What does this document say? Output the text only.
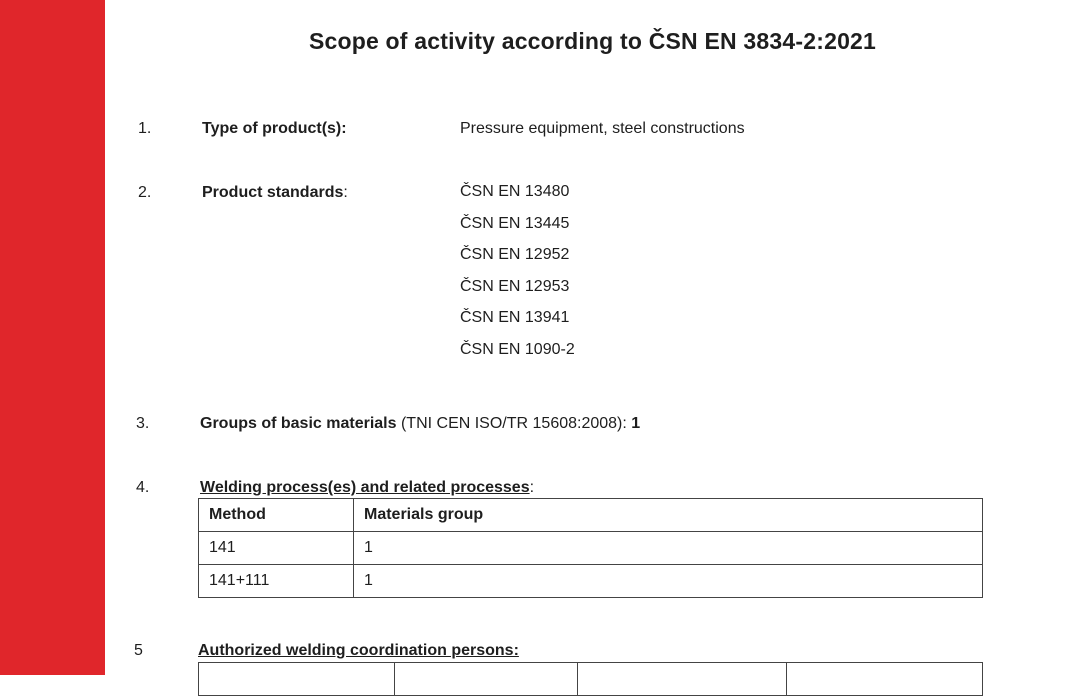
Scope of activity according to ČSN EN 3834-2:2021
1.	Type of product(s):	Pressure equipment, steel constructions
2.	Product standards:	ČSN EN 13480
ČSN EN 13445
ČSN EN 12952
ČSN EN 12953
ČSN EN 13941
ČSN EN 1090-2
3.	Groups of basic materials (TNI CEN ISO/TR 15608:2008): 1
4.	Welding process(es) and related processes:
Method	Materials group
141	1
141+111	1
5	Authorized welding coordination persons:
